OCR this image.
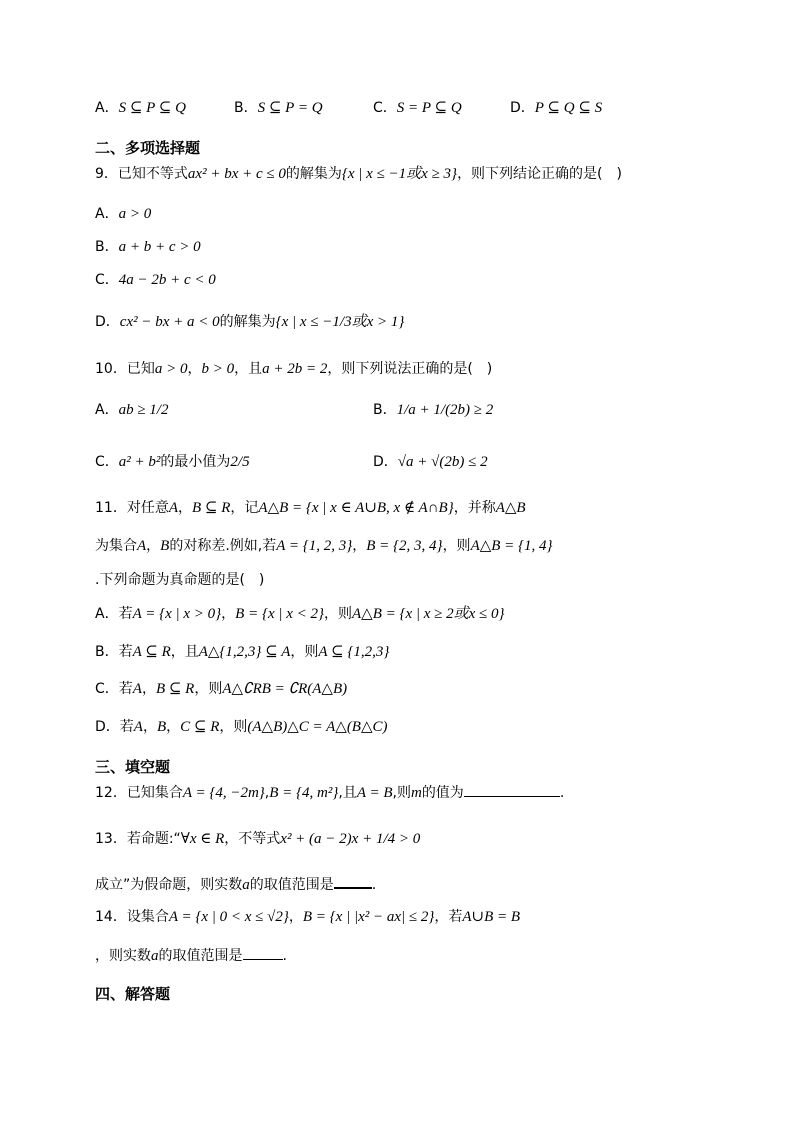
A．S ⊆ P ⊆ Q	B．S ⊆ P = Q	C．S = P ⊆ Q	D．P ⊆ Q ⊆ S
二、多项选择题
9．已知不等式ax² + bx + c ≤ 0的解集为{x | x ≤ −1或x ≥ 3}，则下列结论正确的是(　)
A．a > 0
B．a + b + c > 0
C．4a − 2b + c < 0
D．cx² − bx + a < 0的解集为{x | x ≤ −1/3或x > 1}
10．已知a > 0，b > 0，且a + 2b = 2，则下列说法正确的是(　)
A．ab ≥ 1/2	B．1/a + 1/(2b) ≥ 2
C．a² + b²的最小值为2/5	D．√a + √(2b) ≤ 2
11．对任意A，B ⊆ R，记A△B = {x | x ∈ A∪B, x ∉ A∩B}，并称A△B
为集合A，B的对称差.例如,若A = {1, 2, 3}，B = {2, 3, 4}，则A△B = {1, 4}
.下列命题为真命题的是(　)
A．若A = {x | x > 0}，B = {x | x < 2}，则A△B = {x | x ≥ 2或x ≤ 0}
B．若A ⊆ R，且A△{1,2,3} ⊆ A，则A ⊆ {1,2,3}
C．若A，B ⊆ R，则A△∁RB = ∁R(A△B)
D．若A，B，C ⊆ R，则(A△B)△C = A△(B△C)
三、填空题
12．已知集合A = {4, −2m},B = {4, m²},且A = B,则m的值为	.
13．若命题:“∀x ∈ R，不等式x² + (a − 2)x + 1/4 > 0
成立”为假命题，则实数a的取值范围是	.
14．设集合A = {x | 0 < x ≤ √2}，B = {x | |x² − ax| ≤ 2}，若A∪B = B
，则实数a的取值范围是	.
四、解答题
